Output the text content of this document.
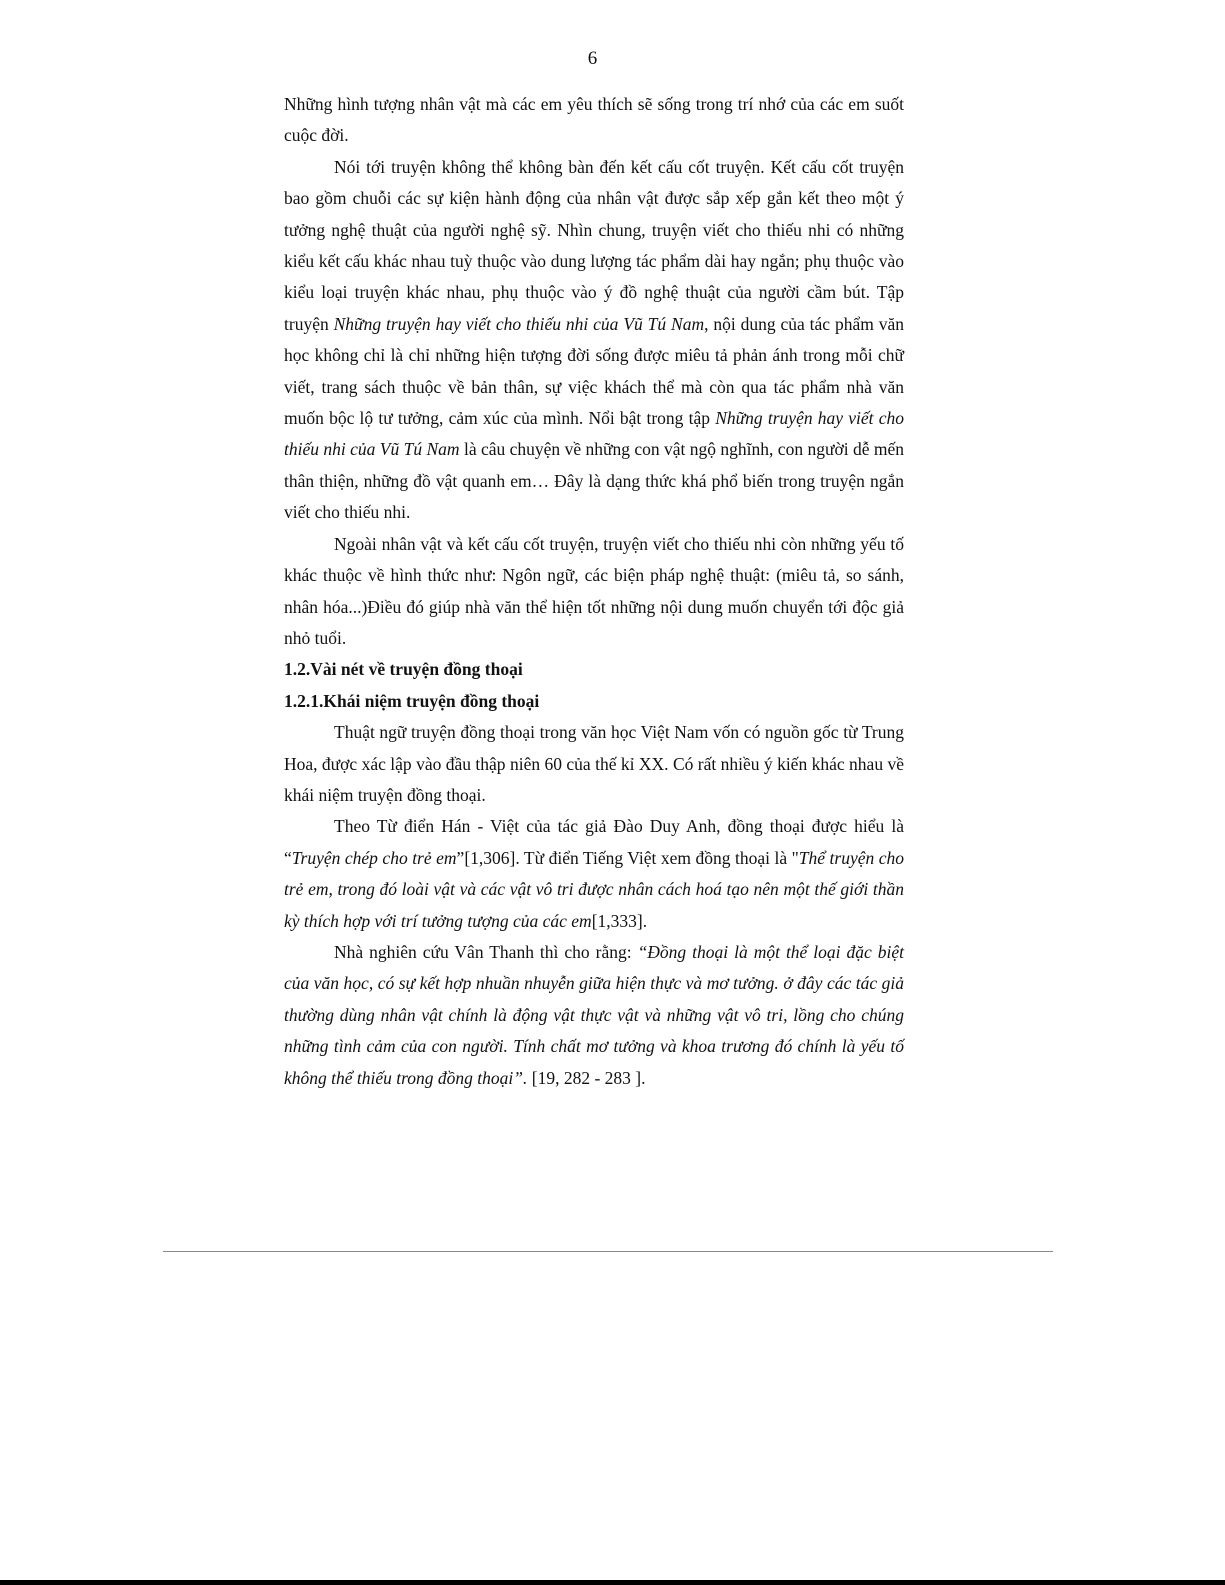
6

Những hình tượng nhân vật mà các em yêu thích sẽ sống trong trí nhớ của các em suốt cuộc đời.

Nói tới truyện không thể không bàn đến kết cấu cốt truyện. Kết cấu cốt truyện bao gồm chuỗi các sự kiện hành động của nhân vật được sắp xếp gắn kết theo một ý tưởng nghệ thuật của người nghệ sỹ. Nhìn chung, truyện viết cho thiếu nhi có những kiểu kết cấu khác nhau tuỳ thuộc vào dung lượng tác phẩm dài hay ngắn; phụ thuộc vào kiểu loại truyện khác nhau, phụ thuộc vào ý đồ nghệ thuật của người cầm bút. Tập truyện Những truyện hay viết cho thiếu nhi của Vũ Tú Nam, nội dung của tác phẩm văn học không chỉ là chỉ những hiện tượng đời sống được miêu tả phản ánh trong mỗi chữ viết, trang sách thuộc về bản thân, sự việc khách thể mà còn qua tác phẩm nhà văn muốn bộc lộ tư tưởng, cảm xúc của mình. Nổi bật trong tập Những truyện hay viết cho thiếu nhi của Vũ Tú Nam là câu chuyện về những con vật ngộ nghĩnh, con người dễ mến thân thiện, những đồ vật quanh em… Đây là dạng thức khá phổ biến trong truyện ngắn viết cho thiếu nhi.

Ngoài nhân vật và kết cấu cốt truyện, truyện viết cho thiếu nhi còn những yếu tố khác thuộc về hình thức như: Ngôn ngữ, các biện pháp nghệ thuật: (miêu tả, so sánh, nhân hóa...)Điều đó giúp nhà văn thể hiện tốt những nội dung muốn chuyển tới độc giả nhỏ tuổi.

1.2.Vài nét về truyện đồng thoại

1.2.1.Khái niệm truyện đồng thoại

Thuật ngữ truyện đồng thoại trong văn học Việt Nam vốn có nguồn gốc từ Trung Hoa, được xác lập vào đầu thập niên 60 của thế kỉ XX. Có rất nhiều ý kiến khác nhau về khái niệm truyện đồng thoại.

Theo Từ điển Hán - Việt của tác giả Đào Duy Anh, đồng thoại được hiểu là “Truyện chép cho trẻ em”[1,306]. Từ điển Tiếng Việt xem đồng thoại là "Thể truyện cho trẻ em, trong đó loài vật và các vật vô tri được nhân cách hoá tạo nên một thế giới thần kỳ thích hợp với trí tưởng tượng của các em[1,333].

Nhà nghiên cứu Vân Thanh thì cho rằng: “Đồng thoại là một thể loại đặc biệt của văn học, có sự kết hợp nhuần nhuyễn giữa hiện thực và mơ tưởng. ở đây các tác giả thường dùng nhân vật chính là động vật thực vật và những vật vô tri, lồng cho chúng những tình cảm của con người. Tính chất mơ tưởng và khoa trương đó chính là yếu tố không thể thiếu trong đồng thoại”. [19, 282 - 283 ].
